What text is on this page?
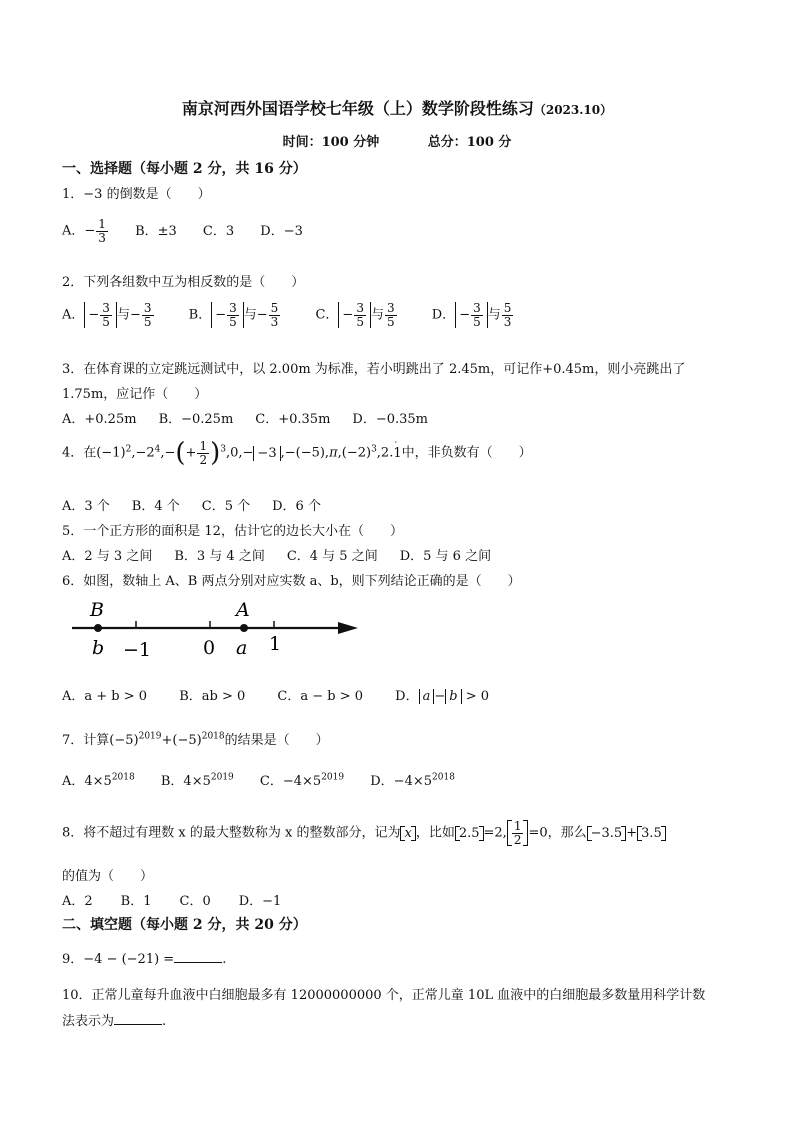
南京河西外国语学校七年级（上）数学阶段性练习（2023.10）
时间：100 分钟	总分：100 分
一、选择题（每小题 2 分，共 16 分）
1．−3 的倒数是（　　）
A．− $\frac{1}{3}$ B．±3 C．3 D．−3
2．下列各组数中互为相反数的是（　　）
A． − $\frac{3}{5}$ 与− $\frac{3}{5}$	B． − $\frac{3}{5}$ 与− $\frac{5}{3}$	C． − $\frac{3}{5}$ 与 $\frac{3}{5}$	D． − $\frac{3}{5}$ 与 $\frac{5}{3}$
3．在体育课的立定跳远测试中，以 2.00m 为标准，若小明跳出了 2.45m，可记作+0.45m，则小亮跳出了
1.75m，应记作（　　）
A．+0.25m B．−0.25m C．+0.35m D．−0.35m
4．在$(-1)^2,-2^4,-(+ \frac{1}{2} )^3,0,- -3$ $,-(-5),\pi,(-2)^3,2.1$
·
中，非负数有（　　）
A．3 个 B．4 个 C．5 个 D．6 个
5．一个正方形的面积是 12，估计它的边长大小在（　　）
A．2 与 3 之间 B．3 与 4 之间 C．4 与 5 之间 D．5 与 6 之间
6．如图，数轴上 A、B 两点分别对应实数 a、b，则下列结论正确的是（　　）
B
b −1	0
A
a 1
A．a + b > 0 B．ab > 0 C．a − b > 0 D． a − b > 0
7．计算$(-5)^{2019}+(-5)^{2018}$的结果是（　　）
A．$4\times 5^{2018}$ B．$4\times 5^{2019}$ C．$-4\times 5^{2019}$ D．$-4\times 5^{2018}$
8．将不超过有理数 x 的最大整数称为 x 的整数部分，记为 x ，比如 2.5 =2, $\frac{1}{2} =0$，那么 −3.5 + 3.5
的值为（　　）
A．2 B．1 C．0 D．−1
二、填空题（每小题 2 分，共 20 分）
9．−4 − (−21) =	.
10．正常儿童每升血液中白细胞最多有 12000000000 个，正常儿童 10L 血液中的白细胞最多数量用科学计数
法表示为	.
